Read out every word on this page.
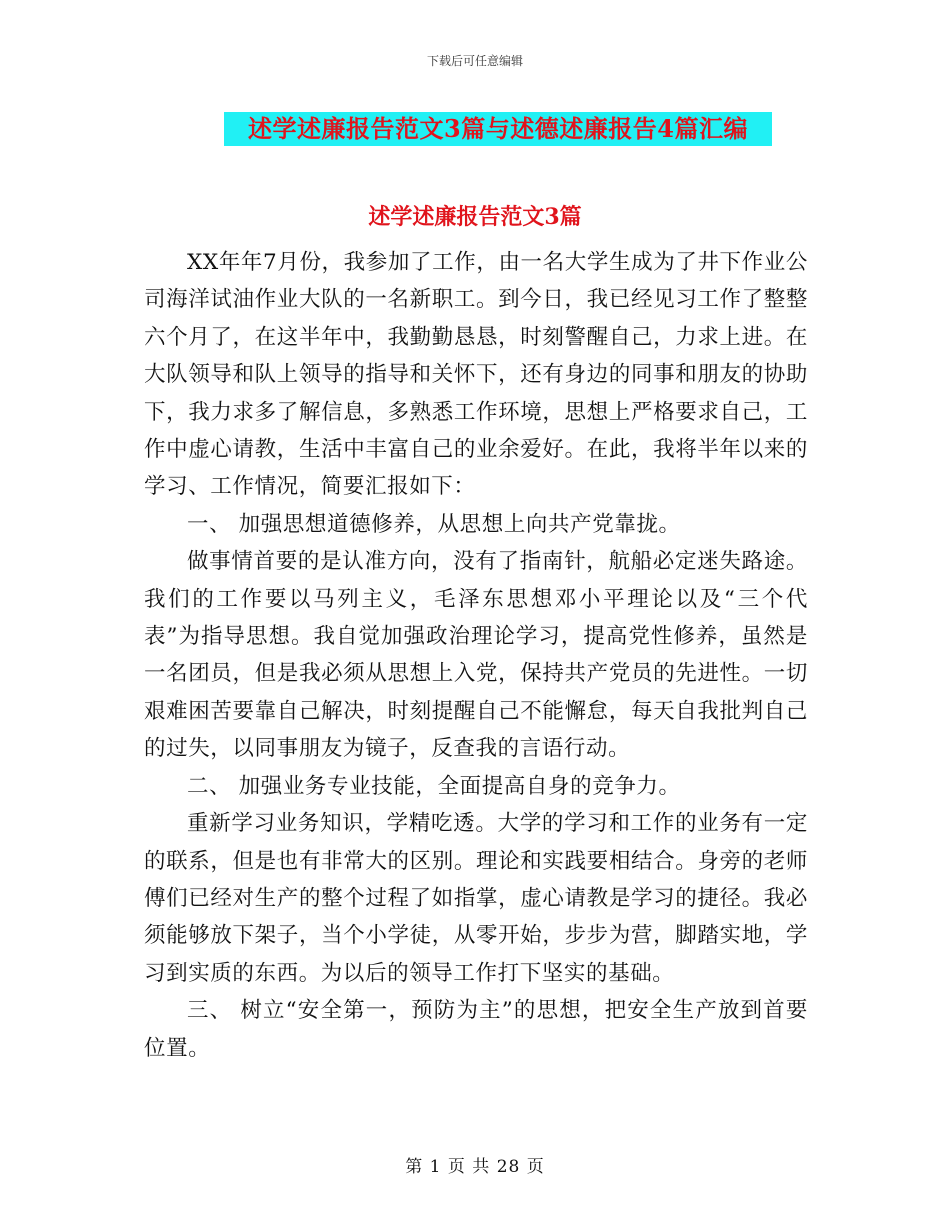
下载后可任意编辑
述学述廉报告范文3篇与述德述廉报告4篇汇编
述学述廉报告范文3篇

XX年年7月份，我参加了工作，由一名大学生成为了井下作业公司海洋试油作业大队的一名新职工。到今日，我已经见习工作了整整六个月了，在这半年中，我勤勤恳恳，时刻警醒自己，力求上进。在大队领导和队上领导的指导和关怀下，还有身边的同事和朋友的协助下，我力求多了解信息，多熟悉工作环境，思想上严格要求自己，工作中虚心请教，生活中丰富自己的业余爱好。在此，我将半年以来的学习、工作情况，简要汇报如下：

一、 加强思想道德修养，从思想上向共产党靠拢。

做事情首要的是认准方向，没有了指南针，航船必定迷失路途。我们的工作要以马列主义，毛泽东思想邓小平理论以及“三个代表”为指导思想。我自觉加强政治理论学习，提高党性修养，虽然是一名团员，但是我必须从思想上入党，保持共产党员的先进性。一切艰难困苦要靠自己解决，时刻提醒自己不能懈怠，每天自我批判自己的过失，以同事朋友为镜子，反查我的言语行动。

二、 加强业务专业技能，全面提高自身的竞争力。

重新学习业务知识，学精吃透。大学的学习和工作的业务有一定的联系，但是也有非常大的区别。理论和实践要相结合。身旁的老师傅们已经对生产的整个过程了如指掌，虚心请教是学习的捷径。我必须能够放下架子，当个小学徒，从零开始，步步为营，脚踏实地，学习到实质的东西。为以后的领导工作打下坚实的基础。

三、 树立“安全第一，预防为主”的思想，把安全生产放到首要位置。

第 1 页 共 28 页
